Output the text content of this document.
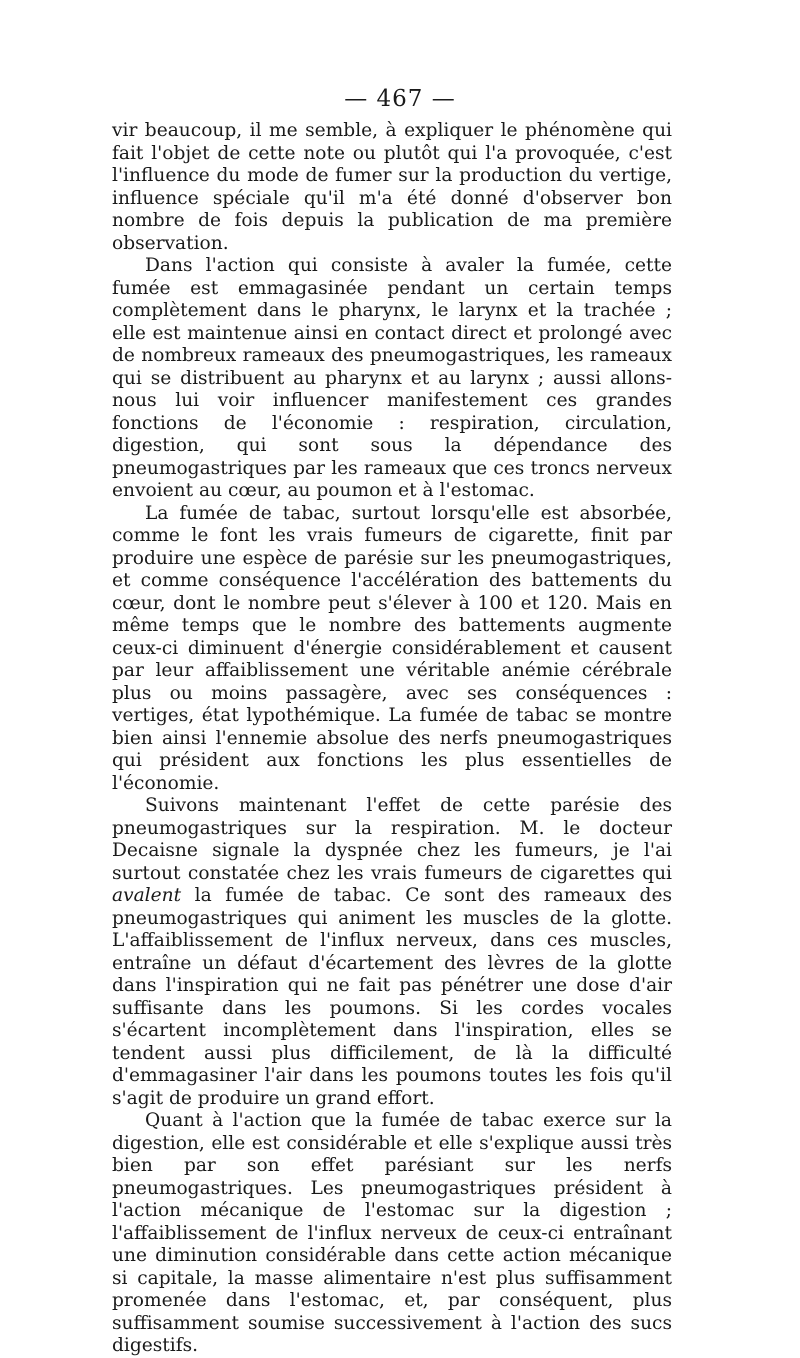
— 467 —

vir beaucoup, il me semble, à expliquer le phénomène qui fait l'objet de cette note ou plutôt qui l'a provoquée, c'est l'influence du mode de fumer sur la production du vertige, influence spéciale qu'il m'a été donné d'observer bon nombre de fois depuis la publication de ma première observation.

Dans l'action qui consiste à avaler la fumée, cette fumée est emmagasinée pendant un certain temps complètement dans le pharynx, le larynx et la trachée ; elle est maintenue ainsi en contact direct et prolongé avec de nombreux rameaux des pneumogastriques, les rameaux qui se distribuent au pharynx et au larynx ; aussi allons-nous lui voir influencer manifestement ces grandes fonctions de l'économie : respiration, circulation, digestion, qui sont sous la dépendance des pneumogastriques par les rameaux que ces troncs nerveux envoient au cœur, au poumon et à l'estomac.

La fumée de tabac, surtout lorsqu'elle est absorbée, comme le font les vrais fumeurs de cigarette, finit par produire une espèce de parésie sur les pneumogastriques, et comme conséquence l'accélération des battements du cœur, dont le nombre peut s'élever à 100 et 120. Mais en même temps que le nombre des battements augmente ceux-ci diminuent d'énergie considérablement et causent par leur affaiblissement une véritable anémie cérébrale plus ou moins passagère, avec ses conséquences : vertiges, état lypothémique. La fumée de tabac se montre bien ainsi l'ennemie absolue des nerfs pneumogastriques qui président aux fonctions les plus essentielles de l'économie.

Suivons maintenant l'effet de cette parésie des pneumogastriques sur la respiration. M. le docteur Decaisne signale la dyspnée chez les fumeurs, je l'ai surtout constatée chez les vrais fumeurs de cigarettes qui avalent la fumée de tabac. Ce sont des rameaux des pneumogastriques qui animent les muscles de la glotte. L'affaiblissement de l'influx nerveux, dans ces muscles, entraîne un défaut d'écartement des lèvres de la glotte dans l'inspiration qui ne fait pas pénétrer une dose d'air suffisante dans les poumons. Si les cordes vocales s'écartent incomplètement dans l'inspiration, elles se tendent aussi plus difficilement, de là la difficulté d'emmagasiner l'air dans les poumons toutes les fois qu'il s'agit de produire un grand effort.

Quant à l'action que la fumée de tabac exerce sur la digestion, elle est considérable et elle s'explique aussi très bien par son effet parésiant sur les nerfs pneumogastriques. Les pneumogastriques président à l'action mécanique de l'estomac sur la digestion ; l'affaiblissement de l'influx nerveux de ceux-ci entraînant une diminution considérable dans cette action mécanique si capitale, la masse alimentaire n'est plus suffisamment promenée dans l'estomac, et, par conséquent, plus suffisamment soumise successivement à l'action des sucs digestifs.
